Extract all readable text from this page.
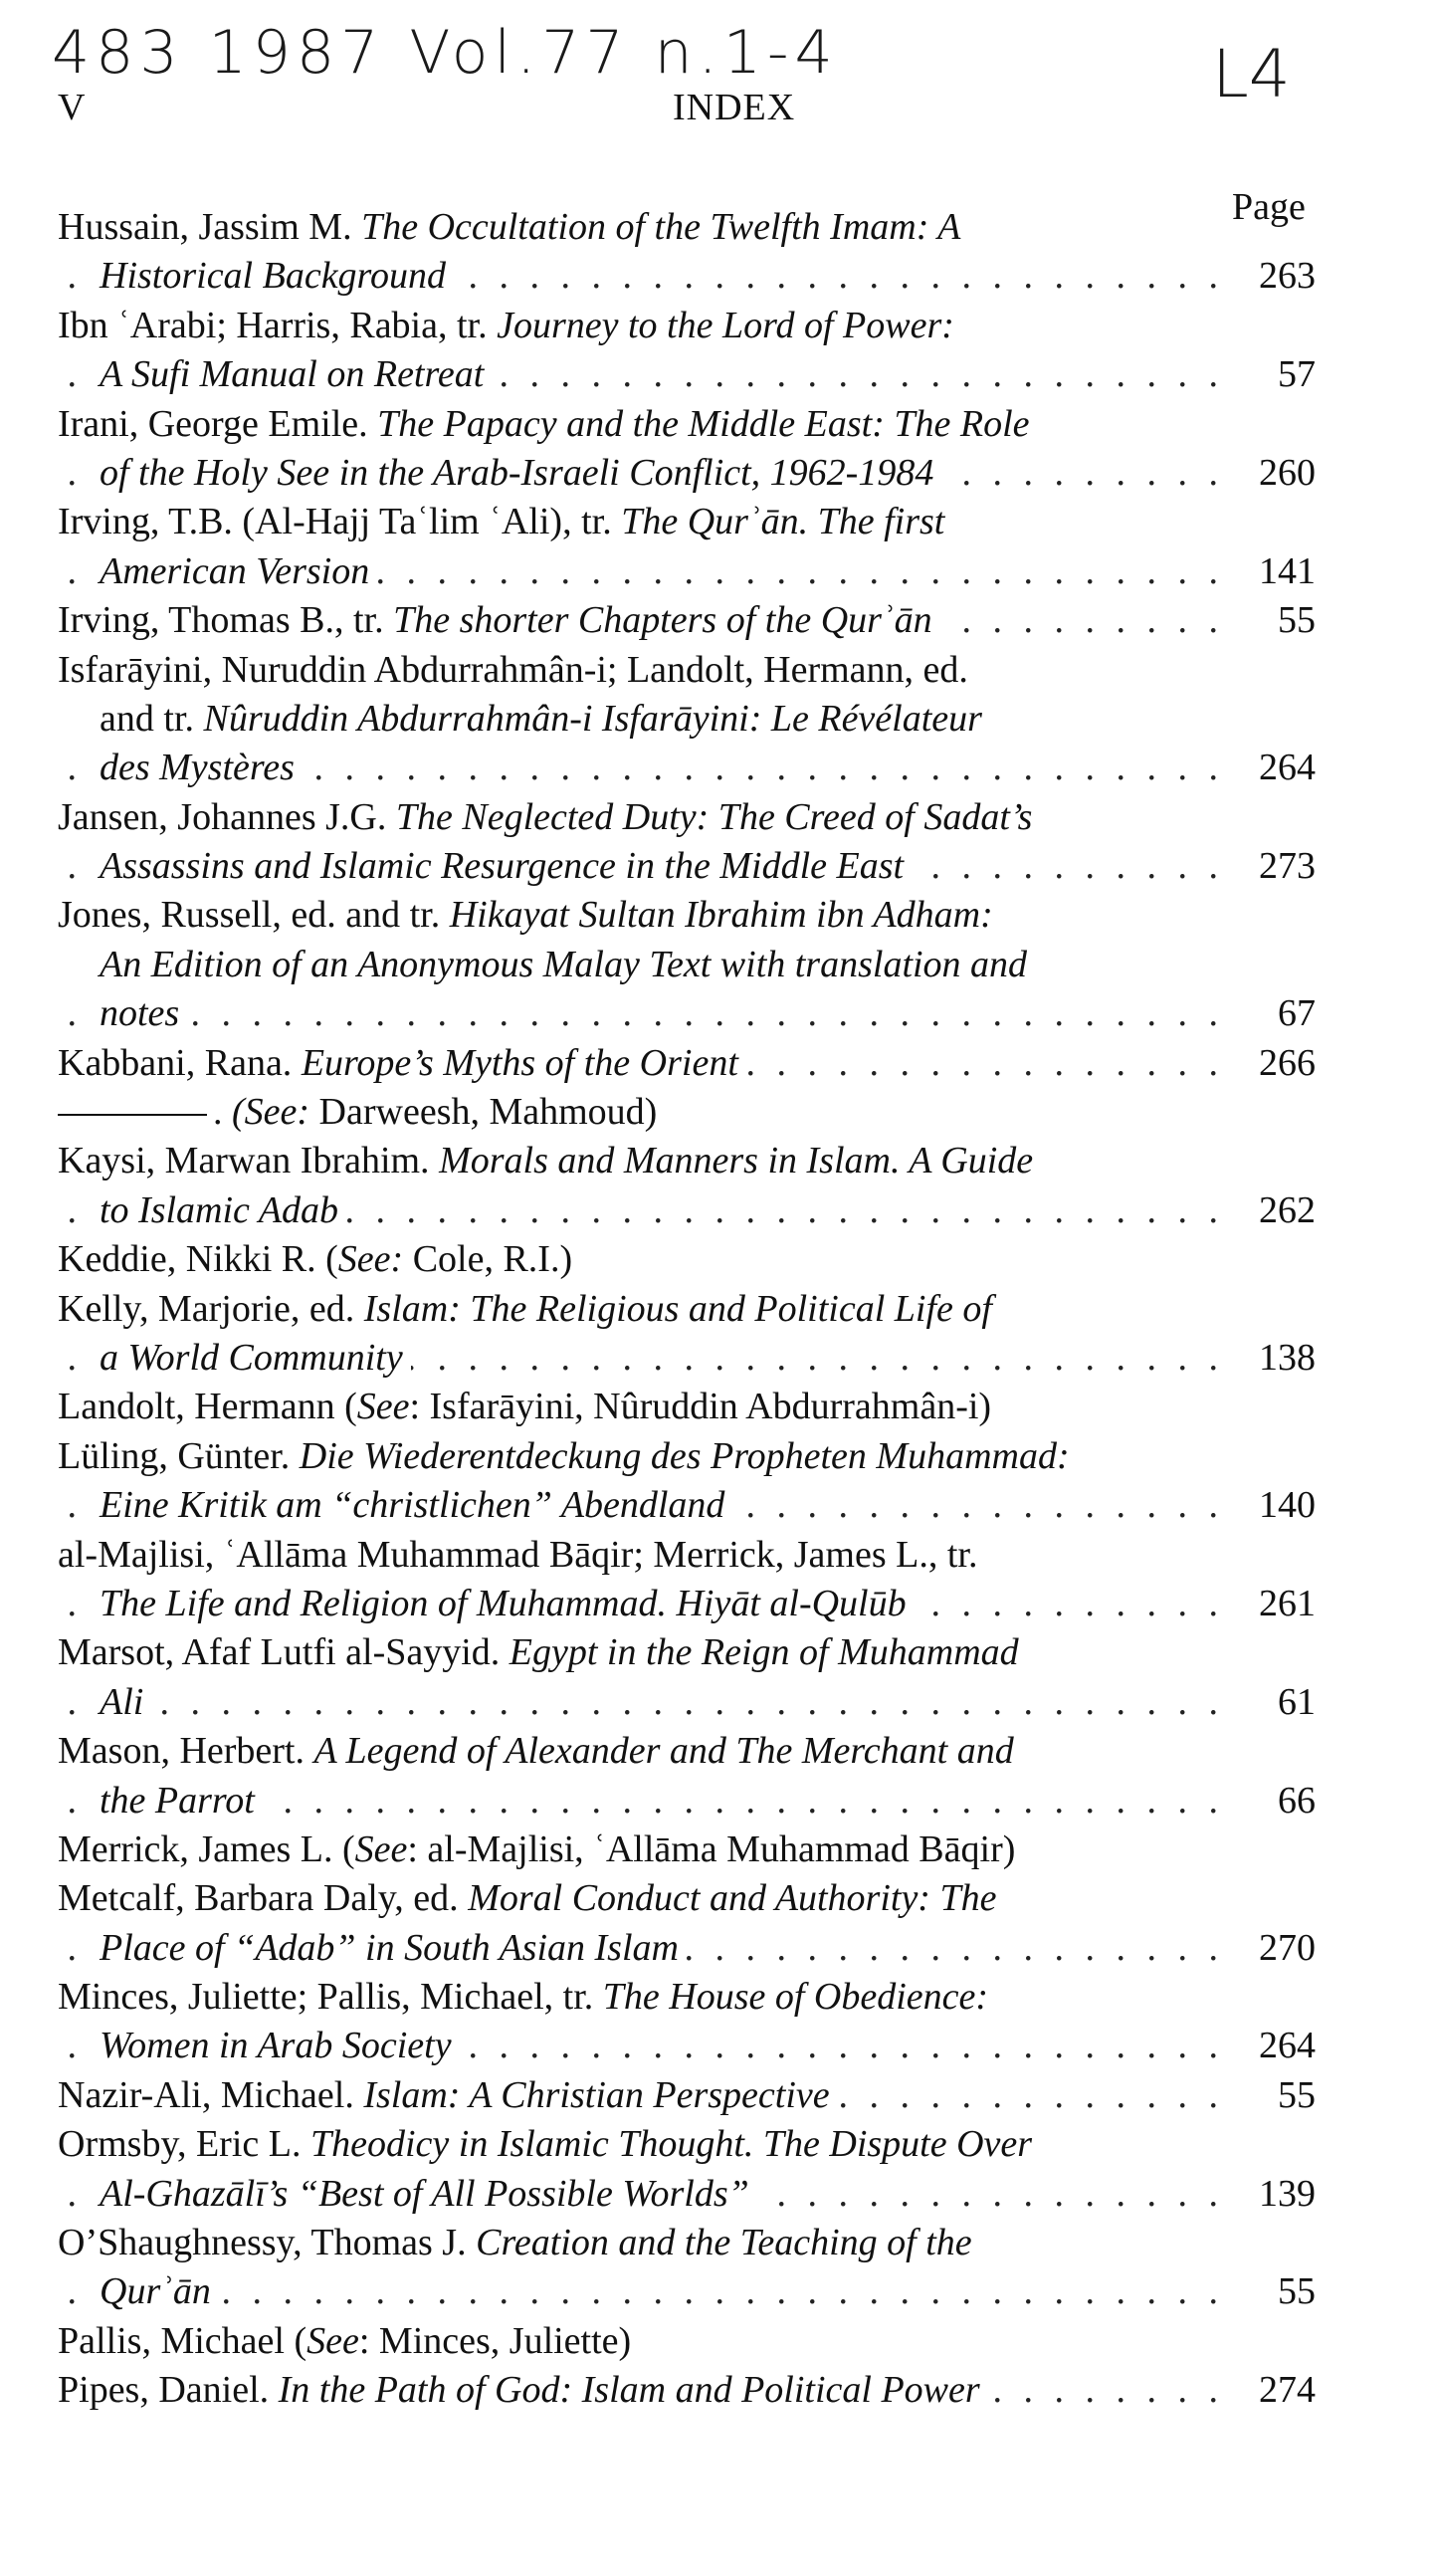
483 1987 Vol.77 n.1-4	L4
V	INDEX
Page
Hussain, Jassim M. The Occultation of the Twelfth Imam: A
. . .
Historical Background	263
Ibn ʿArabi; Harris, Rabia, tr. Journey to the Lord of Power:
. . .
A Sufi Manual on Retreat	57
Irani, George Emile. The Papacy and the Middle East: The Role
. . .
of the Holy See in the Arab-Israeli Conflict, 1962-1984	260
Irving, T.B. (Al-Hajj Taʿlim ʿAli), tr. The Qurʾān. The first
. . .
American Version	141
. . .
Irving, Thomas B., tr. The shorter Chapters of the Qurʾān	55
Isfarāyini, Nuruddin Abdurrahmân-i; Landolt, Hermann, ed.
and tr. Nûruddin Abdurrahmân-i Isfarāyini: Le Révélateur
. . .
des Mystères	264
Jansen, Johannes J.G. The Neglected Duty: The Creed of Sadat’s
. . .
Assassins and Islamic Resurgence in the Middle East	273
Jones, Russell, ed. and tr. Hikayat Sultan Ibrahim ibn Adham:
An Edition of an Anonymous Malay Text with translation and
. . .
notes	67
. . .
Kabbani, Rana. Europe’s Myths of the Orient	266
. (See: Darweesh, Mahmoud)
Kaysi, Marwan Ibrahim. Morals and Manners in Islam. A Guide
. . .
to Islamic Adab	262
Keddie, Nikki R. (See: Cole, R.I.)
Kelly, Marjorie, ed. Islam: The Religious and Political Life of
. . .
a World Community	138
Landolt, Hermann (See: Isfarāyini, Nûruddin Abdurrahmân-i)
Lüling, Günter. Die Wiederentdeckung des Propheten Muhammad:
. . .
Eine Kritik am “christlichen” Abendland	140
al-Majlisi, ʿAllāma Muhammad Bāqir; Merrick, James L., tr.
. . .
The Life and Religion of Muhammad. Hiyāt al-Qulūb	261
Marsot, Afaf Lutfi al-Sayyid. Egypt in the Reign of Muhammad
. . .
Ali	61
Mason, Herbert. A Legend of Alexander and The Merchant and
. . .
the Parrot	66
Merrick, James L. (See: al-Majlisi, ʿAllāma Muhammad Bāqir)
Metcalf, Barbara Daly, ed. Moral Conduct and Authority: The
. . .
Place of “Adab” in South Asian Islam	270
Minces, Juliette; Pallis, Michael, tr. The House of Obedience:
. . .
Women in Arab Society	264
. . .
Nazir-Ali, Michael. Islam: A Christian Perspective	55
Ormsby, Eric L. Theodicy in Islamic Thought. The Dispute Over
. . .
Al-Ghazālī’s “Best of All Possible Worlds”	139
O’Shaughnessy, Thomas J. Creation and the Teaching of the
. . .
Qurʾān	55
Pallis, Michael (See: Minces, Juliette)
. . .
Pipes, Daniel. In the Path of God: Islam and Political Power	274
